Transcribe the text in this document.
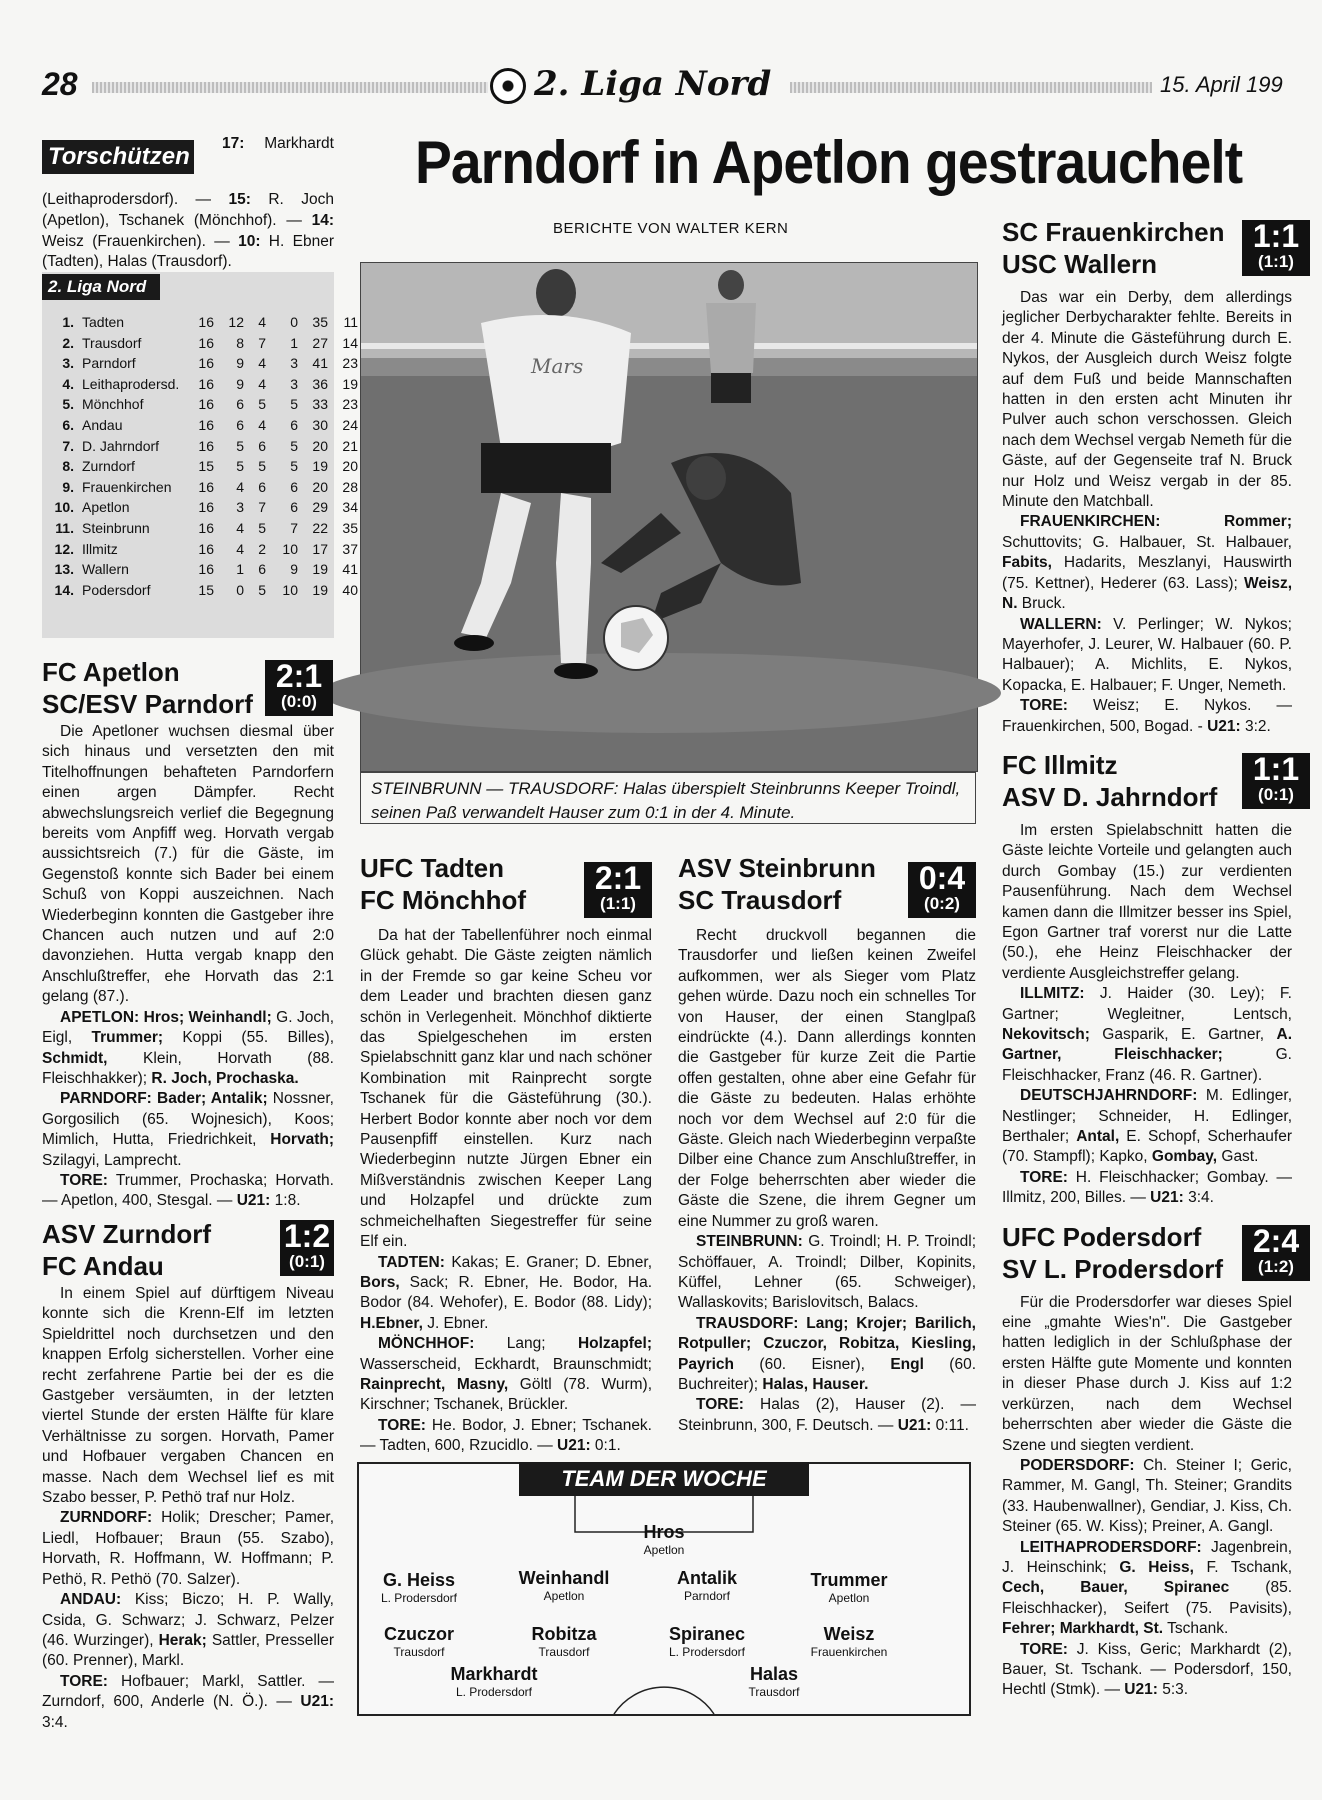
28	2. Liga Nord	15. April 199
Parndorf in Apetlon gestrauchelt
BERICHTE VON WALTER KERN
Torschützen	17: Markhardt (Leithaprodersdorf). — 15: R. Joch (Apetlon), Tschanek (Mönchhof). — 14: Weisz (Frauenkirchen). — 10: H. Ebner (Tadten), Halas (Trausdorf).
2. Liga Nord
1.	Tadten	16	12	4	0	35	11	
2.	Trausdorf	16	8	7	1	27	14	
3.	Parndorf	16	9	4	3	41	23	
4.	Leithaprodersd.	16	9	4	3	36	19	
5.	Mönchhof	16	6	5	5	33	23	
6.	Andau	16	6	4	6	30	24	
7.	D. Jahrndorf	16	5	6	5	20	21	
8.	Zurndorf	15	5	5	5	19	20	
9.	Frauenkirchen	16	4	6	6	20	28	
10.	Apetlon	16	3	7	6	29	34	
11.	Steinbrunn	16	4	5	7	22	35	
12.	Illmitz	16	4	2	10	17	37	
13.	Wallern	16	1	6	9	19	41	
14.	Podersdorf	15	0	5	10	19	40	
Mars
STEINBRUNN — TRAUSDORF: Halas überspielt Steinbrunns Keeper Troindl, seinen Paß verwandelt Hauser zum 0:1 in der 4. Minute.
FC Apetlon
SC/ESV Parndorf
2:1
(0:0)

Die Apetloner wuchsen diesmal über sich hinaus und versetzten den mit Titelhoffnungen behafteten Parndorfern einen argen Dämpfer. Recht abwechslungsreich verlief die Begegnung bereits vom Anpfiff weg. Horvath vergab aussichtsreich (7.) für die Gäste, im Gegenstoß konnte sich Bader bei einem Schuß von Koppi auszeichnen. Nach Wiederbeginn konnten die Gastgeber ihre Chancen auch nutzen und auf 2:0 davonziehen. Hutta vergab knapp den Anschlußtreffer, ehe Horvath das 2:1 gelang (87.).

APETLON: Hros; Weinhandl; G. Joch, Eigl, Trummer; Koppi (55. Billes), Schmidt, Klein, Horvath (88. Fleischhakker); R. Joch, Prochaska.

PARNDORF: Bader; Antalik; Nossner, Gorgosilich (65. Wojnesich), Koos; Mimlich, Hutta, Friedrichkeit, Horvath; Szilagyi, Lamprecht.

TORE: Trummer, Prochaska; Horvath. — Apetlon, 400, Stesgal. — U21: 1:8.

ASV Zurndorf
FC Andau
1:2
(0:1)

In einem Spiel auf dürftigem Niveau konnte sich die Krenn-Elf im letzten Spieldrittel noch durchsetzen und den knappen Erfolg sicherstellen. Vorher eine recht zerfahrene Partie bei der es die Gastgeber versäumten, in der letzten viertel Stunde der ersten Hälfte für klare Verhältnisse zu sorgen. Horvath, Pamer und Hofbauer vergaben Chancen en masse. Nach dem Wechsel lief es mit Szabo besser, P. Pethö traf nur Holz.

ZURNDORF: Holik; Drescher; Pamer, Liedl, Hofbauer; Braun (55. Szabo), Horvath, R. Hoffmann, W. Hoffmann; P. Pethö, R. Pethö (70. Salzer).

ANDAU: Kiss; Biczo; H. P. Wally, Csida, G. Schwarz; J. Schwarz, Pelzer (46. Wurzinger), Herak; Sattler, Presseller (60. Prenner), Markl.

TORE: Hofbauer; Markl, Sattler. — Zurndorf, 600, Anderle (N. Ö.). — U21: 3:4.

UFC Tadten
FC Mönchhof
2:1
(1:1)

Da hat der Tabellenführer noch einmal Glück gehabt. Die Gäste zeigten nämlich in der Fremde so gar keine Scheu vor dem Leader und brachten diesen ganz schön in Verlegenheit. Mönchhof diktierte das Spielgeschehen im ersten Spielabschnitt ganz klar und nach schöner Kombination mit Rainprecht sorgte Tschanek für die Gästeführung (30.). Herbert Bodor konnte aber noch vor dem Pausenpfiff einstellen. Kurz nach Wiederbeginn nutzte Jürgen Ebner ein Mißverständnis zwischen Keeper Lang und Holzapfel und drückte zum schmeichelhaften Siegestreffer für seine Elf ein.

TADTEN: Kakas; E. Graner; D. Ebner, Bors, Sack; R. Ebner, He. Bodor, Ha. Bodor (84. Wehofer), E. Bodor (88. Lidy); H.Ebner, J. Ebner.

MÖNCHHOF: Lang; Holzapfel; Wasserscheid, Eckhardt, Braunschmidt; Rainprecht, Masny, Göltl (78. Wurm), Kirschner; Tschanek, Brückler.

TORE: He. Bodor, J. Ebner; Tschanek. — Tadten, 600, Rzucidlo. — U21: 0:1.

ASV Steinbrunn
SC Trausdorf
0:4
(0:2)

Recht druckvoll begannen die Trausdorfer und ließen keinen Zweifel aufkommen, wer als Sieger vom Platz gehen würde. Dazu noch ein schnelles Tor von Hauser, der einen Stanglpaß eindrückte (4.). Dann allerdings konnten die Gastgeber für kurze Zeit die Partie offen gestalten, ohne aber eine Gefahr für die Gäste zu bedeuten. Halas erhöhte noch vor dem Wechsel auf 2:0 für die Gäste. Gleich nach Wiederbeginn verpaßte Dilber eine Chance zum Anschlußtreffer, in der Folge beherrschten aber wieder die Gäste die Szene, die ihrem Gegner um eine Nummer zu groß waren.

STEINBRUNN: G. Troindl; H. P. Troindl; Schöffauer, A. Troindl; Dilber, Kopinits, Küffel, Lehner (65. Schweiger), Wallaskovits; Barislovitsch, Balacs.

TRAUSDORF: Lang; Krojer; Barilich, Rotpuller; Czuczor, Robitza, Kiesling, Payrich (60. Eisner), Engl (60. Buchreiter); Halas, Hauser.

TORE: Halas (2), Hauser (2). — Steinbrunn, 300, F. Deutsch. — U21: 0:11.

SC Frauenkirchen
USC Wallern
1:1
(1:1)

Das war ein Derby, dem allerdings jeglicher Derbycharakter fehlte. Bereits in der 4. Minute die Gästeführung durch E. Nykos, der Ausgleich durch Weisz folgte auf dem Fuß und beide Mannschaften hatten in den ersten acht Minuten ihr Pulver auch schon verschossen. Gleich nach dem Wechsel vergab Nemeth für die Gäste, auf der Gegenseite traf N. Bruck nur Holz und Weisz vergab in der 85. Minute den Matchball.

FRAUENKIRCHEN:	Rommer; Schuttovits; G. Halbauer, St. Halbauer, Fabits, Hadarits, Meszlanyi, Hauswirth (75. Kettner), Hederer (63. Lass); Weisz, N. Bruck.

WALLERN: V. Perlinger; W. Nykos; Mayerhofer, J. Leurer, W. Halbauer (60. P. Halbauer); A. Michlits, E. Nykos, Kopacka, E. Halbauer; F. Unger, Nemeth.

TORE: Weisz; E. Nykos. — Frauenkirchen, 500, Bogad. - U21: 3:2.

FC Illmitz
ASV D. Jahrndorf
1:1
(0:1)

Im ersten Spielabschnitt hatten die Gäste leichte Vorteile und gelangten auch durch Gombay (15.) zur verdienten Pausenführung. Nach dem Wechsel kamen dann die Illmitzer besser ins Spiel, Egon Gartner traf vorerst nur die Latte (50.), ehe Heinz Fleischhacker der verdiente Ausgleichstreffer gelang.

ILLMITZ: J. Haider (30. Ley); F. Gartner; Wegleitner, Lentsch, Nekovitsch; Gasparik, E. Gartner, A. Gartner, Fleischhacker; G. Fleischhacker, Franz (46. R. Gartner).

DEUTSCHJAHRNDORF: M. Edlinger, Nestlinger; Schneider, H. Edlinger, Berthaler; Antal, E. Schopf, Scherhaufer (70. Stampfl); Kapko, Gombay, Gast.

TORE: H. Fleischhacker; Gombay. — Illmitz, 200, Billes. — U21: 3:4.

UFC Podersdorf
SV L. Prodersdorf
2:4
(1:2)

Für die Prodersdorfer war dieses Spiel eine „gmahte Wies'n". Die Gastgeber hatten lediglich in der Schlußphase der ersten Hälfte gute Momente und konnten in dieser Phase durch J. Kiss auf 1:2 verkürzen, nach dem Wechsel beherrschten aber wieder die Gäste die Szene und siegten verdient.

PODERSDORF: Ch. Steiner I; Geric, Rammer, M. Gangl, Th. Steiner; Grandits (33. Haubenwallner), Gendiar, J. Kiss, Ch. Steiner (65. W. Kiss); Preiner, A. Gangl.

LEITHAPRODERSDORF: Jagenbrein, J. Heinschink; G. Heiss, F. Tschank, Cech, Bauer, Spiranec (85. Fleischhacker), Seifert (75. Pavisits), Fehrer; Markhardt, St. Tschank.

TORE: J. Kiss, Geric; Markhardt (2), Bauer, St. Tschank. — Podersdorf, 150, Hechtl (Stmk). — U21: 5:3.

TEAM DER WOCHE
Hros
Apetlon
G. Heiss
L. Prodersdorf
Weinhandl
Apetlon
Antalik
Parndorf
Trummer
Apetlon
Czuczor
Trausdorf
Robitza
Trausdorf
Spiranec
L. Prodersdorf
Weisz
Frauenkirchen
Markhardt
L. Prodersdorf
Halas
Trausdorf
